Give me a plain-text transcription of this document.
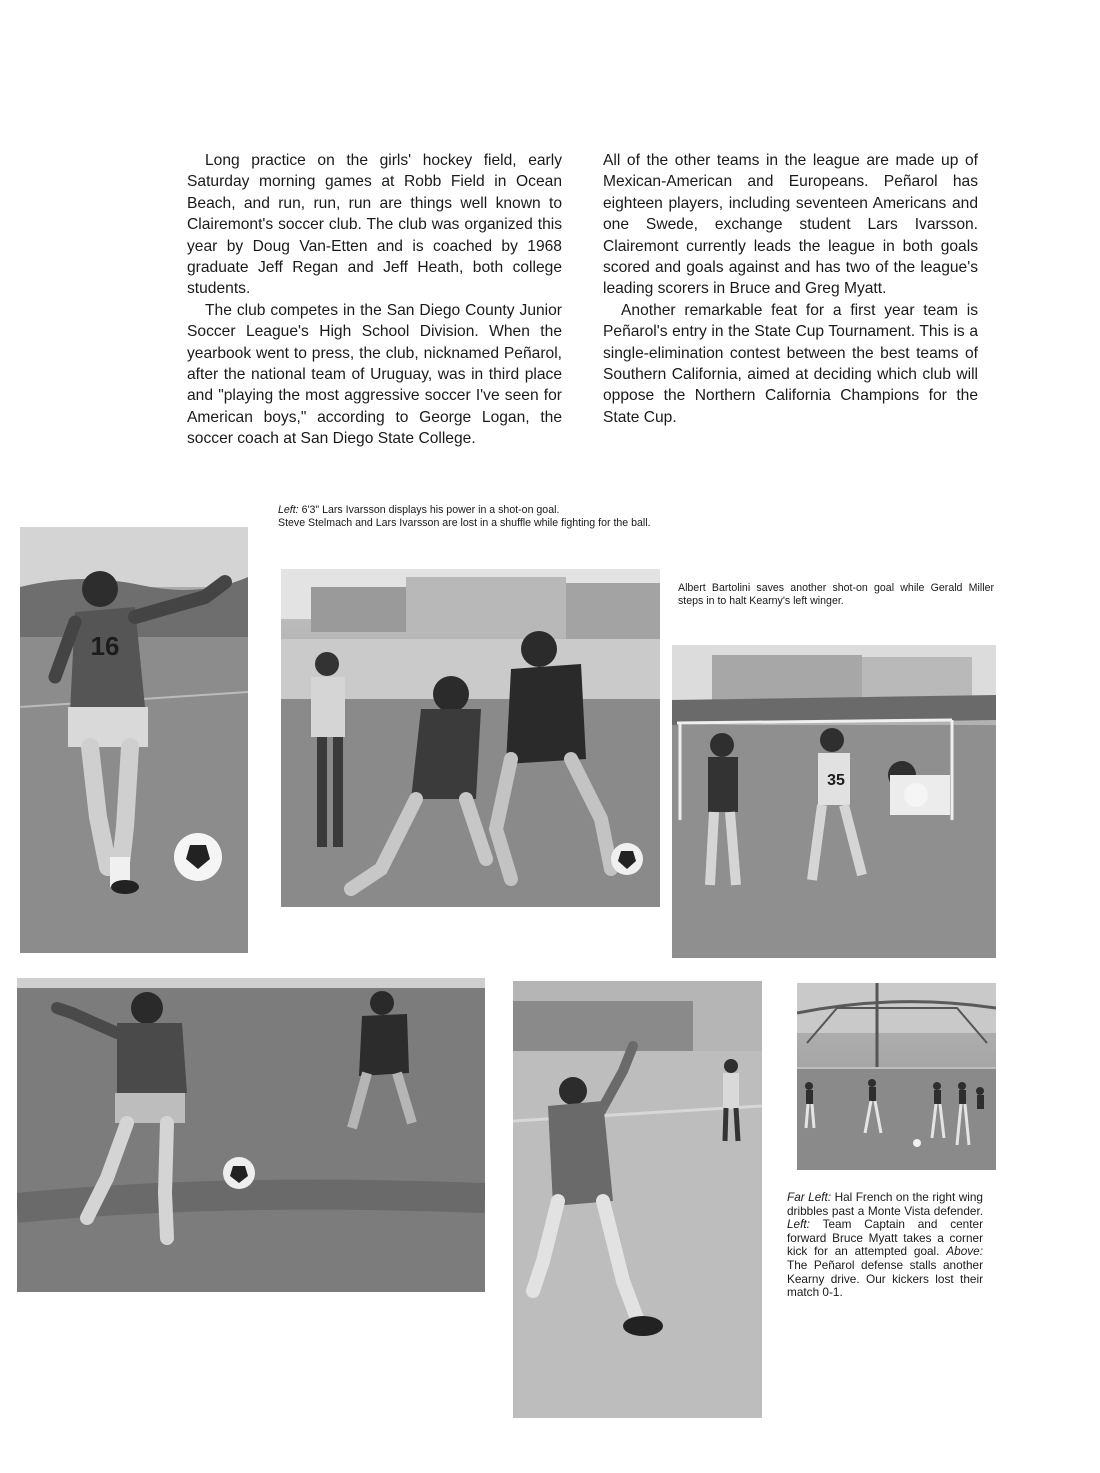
Long practice on the girls' hockey field, early Saturday morning games at Robb Field in Ocean Beach, and run, run, run are things well known to Clairemont's soccer club. The club was organized this year by Doug Van-Etten and is coached by 1968 graduate Jeff Regan and Jeff Heath, both college students.

The club competes in the San Diego County Junior Soccer League's High School Division. When the yearbook went to press, the club, nicknamed Peñarol, after the national team of Uruguay, was in third place and "playing the most aggressive soccer I've seen for American boys," according to George Logan, the soccer coach at San Diego State College.

All of the other teams in the league are made up of Mexican-American and Europeans. Peñarol has eighteen players, including seventeen Americans and one Swede, exchange student Lars Ivarsson. Clairemont currently leads the league in both goals scored and goals against and has two of the league's leading scorers in Bruce and Greg Myatt.

Another remarkable feat for a first year team is Peñarol's entry in the State Cup Tournament. This is a single-elimination contest between the best teams of Southern California, aimed at deciding which club will oppose the Northern California Champions for the State Cup.

Left: 6'3" Lars Ivarsson displays his power in a shot-on goal.
Steve Stelmach and Lars Ivarsson are lost in a shuffle while fighting for the ball.
Albert Bartolini saves another shot-on goal while Gerald Miller steps in to halt Kearny's left winger.
Far Left: Hal French on the right wing dribbles past a Monte Vista defender. Left: Team Captain and center forward Bruce Myatt takes a corner kick for an attempted goal. Above: The Peñarol defense stalls another Kearny drive. Our kickers lost their match 0-1.
16
35
